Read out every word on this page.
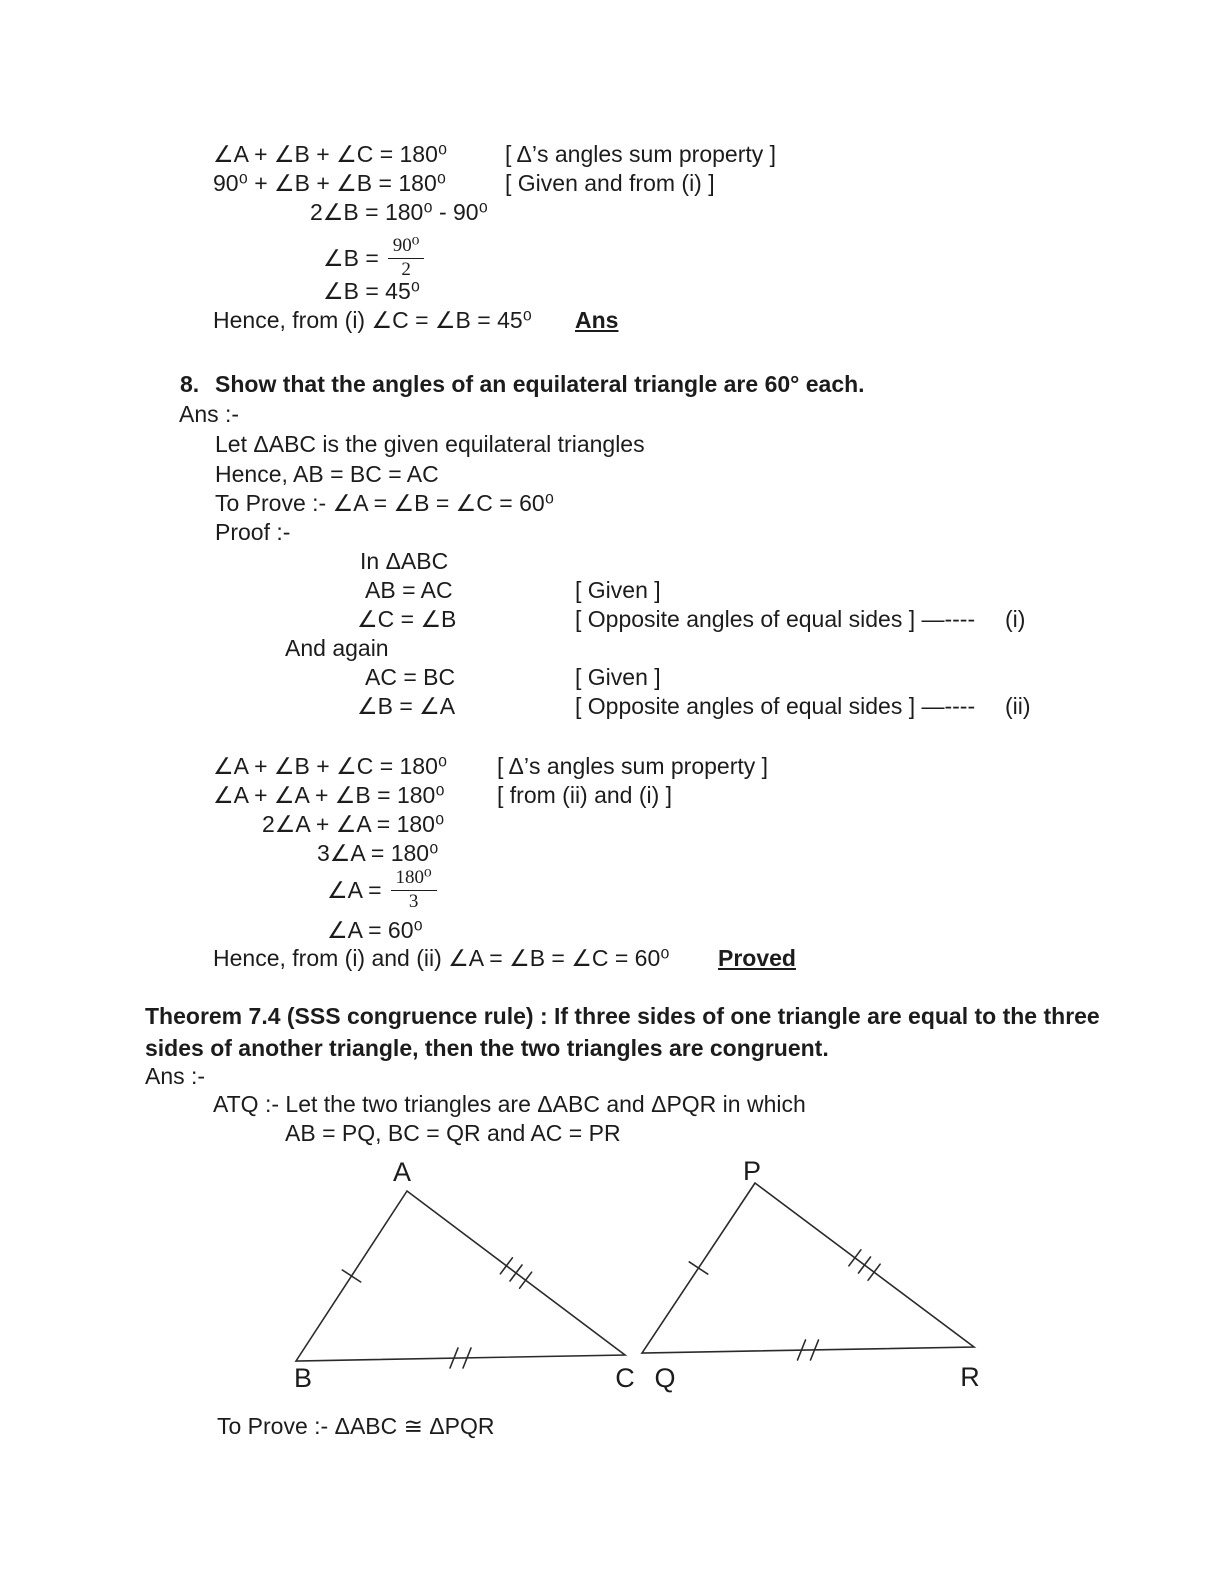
∠A + ∠B + ∠C = 180⁰	[ Δ’s angles sum property ]
90⁰ + ∠B + ∠B = 180⁰	[ Given and from (i) ]
2∠B = 180⁰ - 90⁰
∠B = $\frac{\text{90⁰}}{2}$
∠B = 45⁰
Hence, from (i) ∠C = ∠B = 45⁰ Ans
8. Show that the angles of an equilateral triangle are 60° each.
Ans :-
Let ΔABC is the given equilateral triangles
Hence, AB = BC = AC
To Prove :- ∠A = ∠B = ∠C = 60⁰
Proof :-
In ΔABC
AB = AC	[ Given ]
∠C = ∠B	[ Opposite angles of equal sides ] —---- (i)
And again
AC = BC	[ Given ]
∠B = ∠A	[ Opposite angles of equal sides ] —---- (ii)
∠A + ∠B + ∠C = 180⁰ [ Δ’s angles sum property ]
∠A + ∠A + ∠B = 180⁰ [ from (ii) and (i) ]
2∠A + ∠A = 180⁰
3∠A = 180⁰
∠A = $\frac{\text{180⁰}}{3}$
∠A = 60⁰
Hence, from (i) and (ii) ∠A = ∠B = ∠C = 60⁰ Proved
Theorem 7.4 (SSS congruence rule) : If three sides of one triangle are equal to the three
sides of another triangle, then the two triangles are congruent.
Ans :-
ATQ :- Let the two triangles are ΔABC and ΔPQR in which
AB = PQ, BC = QR and AC = PR
A
B	C
P
Q	R
To Prove :- ΔABC ≅ ΔPQR
